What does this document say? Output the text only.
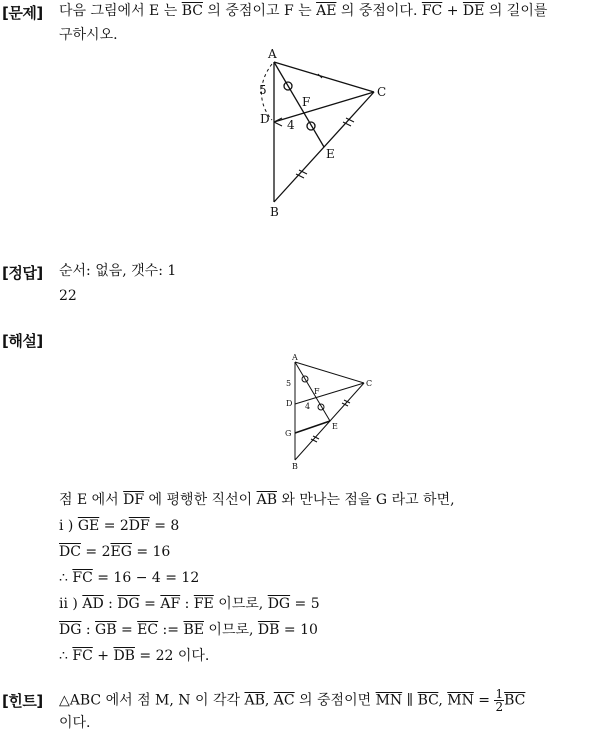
[문제] 다음 그림에서 E 는 $\overline{BC}$ 의 중점이고 F 는 $\overline{AE}$ 의 중점이다. $\overline{FC} + \overline{DE}$ 의 길이를
구하시오.
A
B
C
D
E
F
5
4
[정답] 순서: 없음, 갯수: 1
22
[해설]
A
B
C
D
E
F
G
5
4
점 E 에서 $\overline{DF}$ 에 평행한 직선이 $\overline{AB}$ 와 만나는 점을 G 라고 하면,
i ) $\overline{GE} = 2\overline{DF} = 8$
$\overline{DC} = 2\overline{EG} = 16$
∴ $\overline{FC} = 16 - 4 = 12$
ii ) $\overline{AD}$ : $\overline{DG} = \overline{AF}$ : $\overline{FE}$ 이므로, $\overline{DG} = 5$
$\overline{DG}$ : $\overline{GB} = \overline{EC}$ := $\overline{BE}$ 이므로, $\overline{DB} = 10$
∴ $\overline{FC} + \overline{DB} = 22$ 이다.
[힌트] △ABC 에서 점 M, N 이 각각 $\overline{AB}$, $\overline{AC}$ 의 중점이면 $\overline{MN}$ ∥ $\overline{BC}$, $\overline{MN} = \frac{1}{2} \overline{BC}$
이다.
